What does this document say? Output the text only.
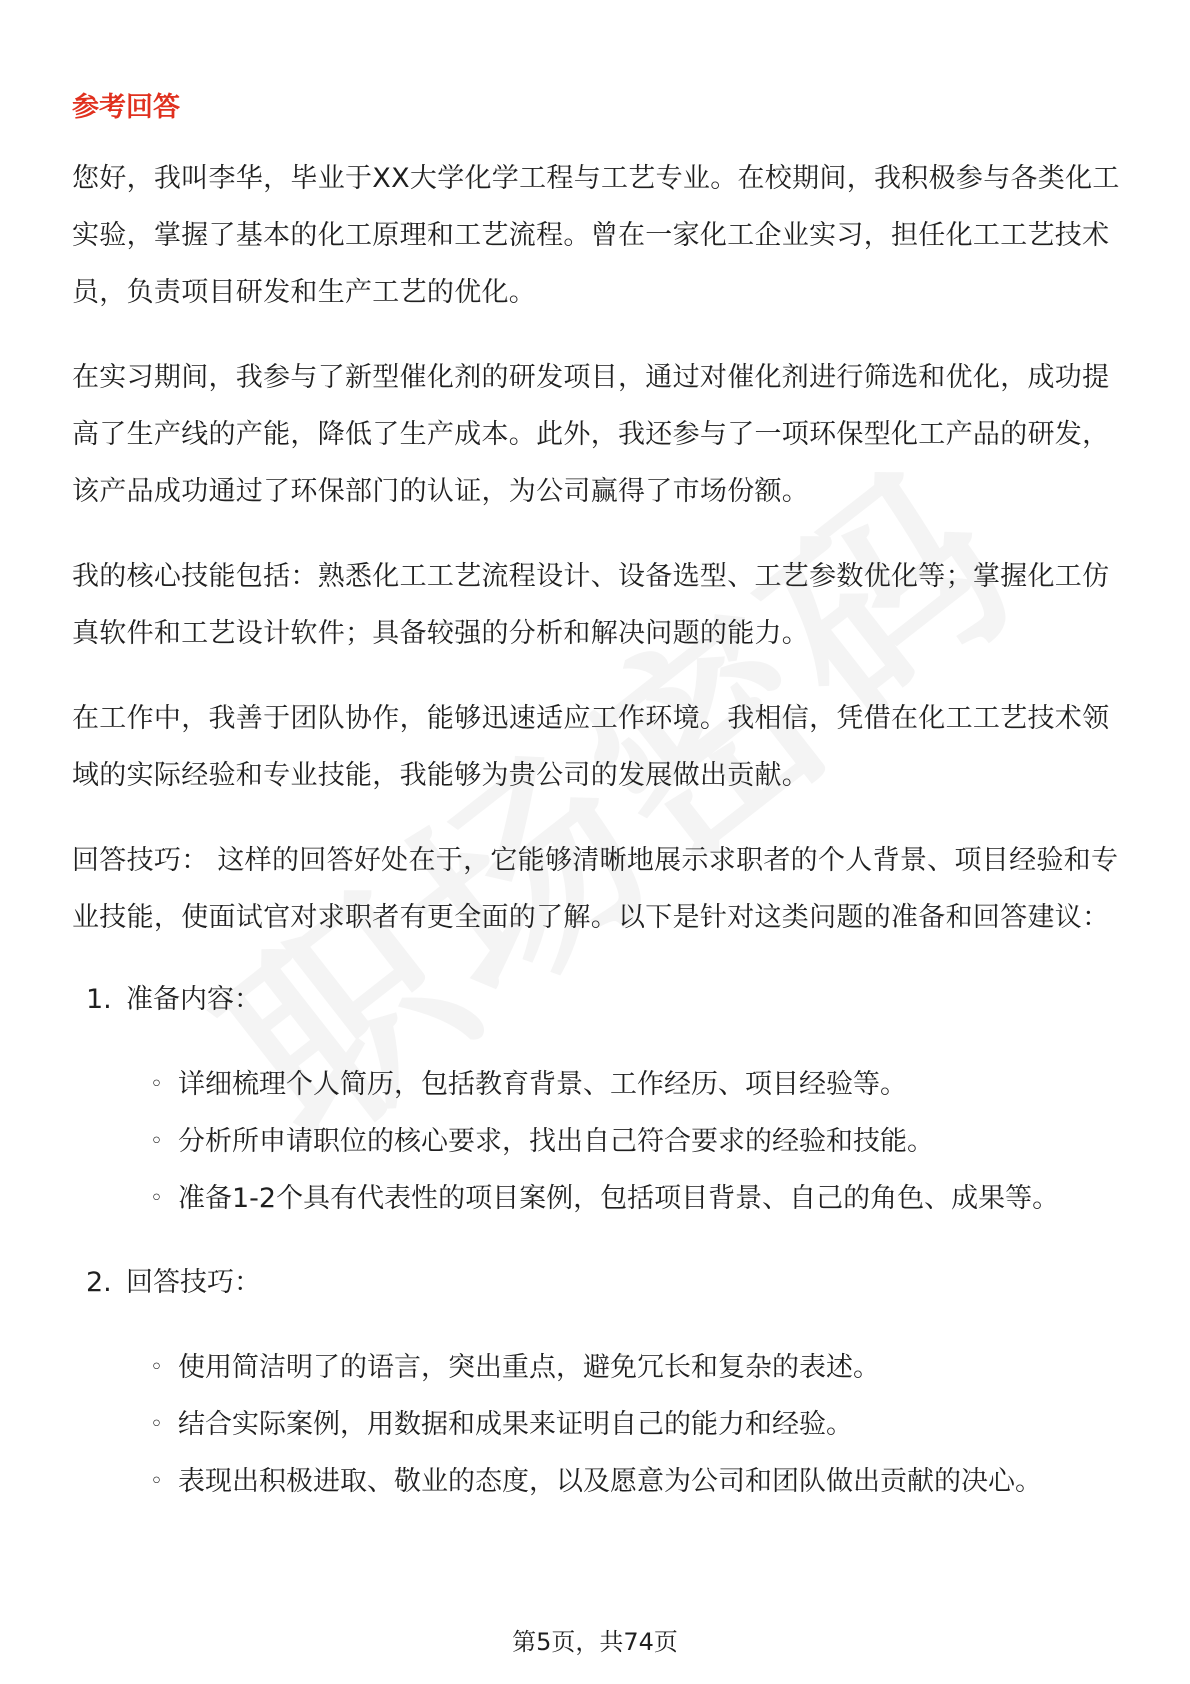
参考回答

您好，我叫李华，毕业于XX大学化学工程与工艺专业。在校期间，我积极参与各类化工实验，掌握了基本的化工原理和工艺流程。曾在一家化工企业实习，担任化工工艺技术员，负责项目研发和生产工艺的优化。

在实习期间，我参与了新型催化剂的研发项目，通过对催化剂进行筛选和优化，成功提高了生产线的产能，降低了生产成本。此外，我还参与了一项环保型化工产品的研发，该产品成功通过了环保部门的认证，为公司赢得了市场份额。

我的核心技能包括：熟悉化工工艺流程设计、设备选型、工艺参数优化等；掌握化工仿真软件和工艺设计软件；具备较强的分析和解决问题的能力。

在工作中，我善于团队协作，能够迅速适应工作环境。我相信，凭借在化工工艺技术领域的实际经验和专业技能，我能够为贵公司的发展做出贡献。

回答技巧： 这样的回答好处在于，它能够清晰地展示求职者的个人背景、项目经验和专业技能，使面试官对求职者有更全面的了解。以下是针对这类问题的准备和回答建议：

1. 准备内容：
◦ 详细梳理个人简历，包括教育背景、工作经历、项目经验等。
◦ 分析所申请职位的核心要求，找出自己符合要求的经验和技能。
◦ 准备1-2个具有代表性的项目案例，包括项目背景、自己的角色、成果等。
2. 回答技巧：
◦ 使用简洁明了的语言，突出重点，避免冗长和复杂的表述。
◦ 结合实际案例，用数据和成果来证明自己的能力和经验。
◦ 表现出积极进取、敬业的态度，以及愿意为公司和团队做出贡献的决心。
第5页，共74页
